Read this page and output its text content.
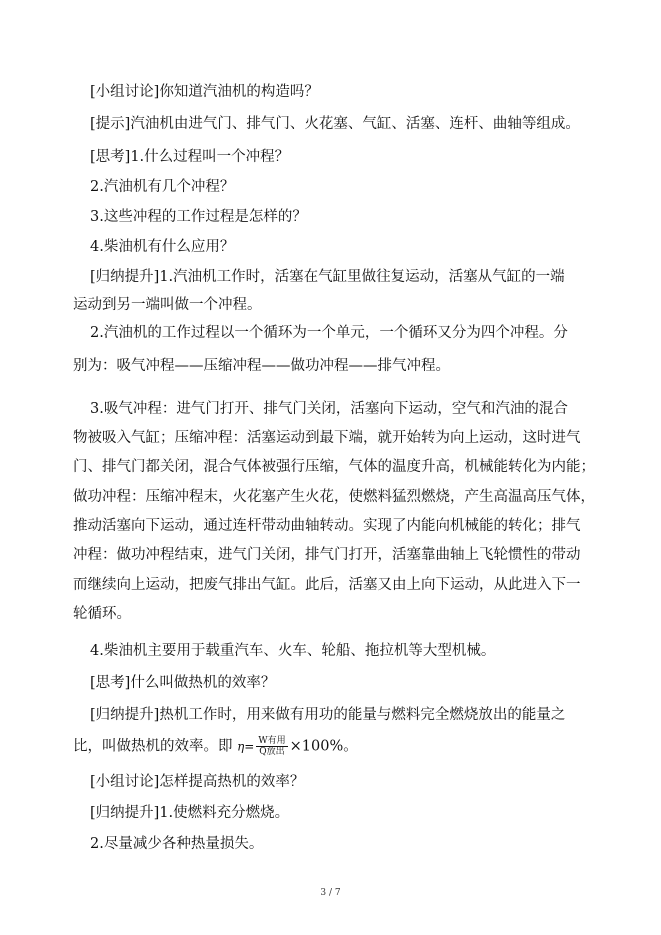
[小组讨论]你知道汽油机的构造吗？
[提示]汽油机由进气门、排气门、火花塞、气缸、活塞、连杆、曲轴等组成。
[思考]1.什么过程叫一个冲程？
2.汽油机有几个冲程？
3.这些冲程的工作过程是怎样的？
4.柴油机有什么应用？
[归纳提升]1.汽油机工作时，活塞在气缸里做往复运动，活塞从气缸的一端
运动到另一端叫做一个冲程。
2.汽油机的工作过程以一个循环为一个单元，一个循环又分为四个冲程。分
别为：吸气冲程——压缩冲程——做功冲程——排气冲程。
3.吸气冲程：进气门打开、排气门关闭，活塞向下运动，空气和汽油的混合
物被吸入气缸；压缩冲程：活塞运动到最下端，就开始转为向上运动，这时进气
门、排气门都关闭，混合气体被强行压缩，气体的温度升高，机械能转化为内能；
做功冲程：压缩冲程末，火花塞产生火花，使燃料猛烈燃烧，产生高温高压气体，
推动活塞向下运动，通过连杆带动曲轴转动。实现了内能向机械能的转化；排气
冲程：做功冲程结束，进气门关闭，排气门打开，活塞靠曲轴上飞轮惯性的带动
而继续向上运动，把废气排出气缸。此后，活塞又由上向下运动，从此进入下一
轮循环。
4.柴油机主要用于载重汽车、火车、轮船、拖拉机等大型机械。
[思考]什么叫做热机的效率？
[归纳提升]热机工作时，用来做有用功的能量与燃料完全燃烧放出的能量之
比，叫做热机的效率。即 $\eta= \frac{\text{W有用}}{\text{Q放出}} \times 100\%$。
[小组讨论]怎样提高热机的效率？
[归纳提升]1.使燃料充分燃烧。
2.尽量减少各种热量损失。
3 / 7
